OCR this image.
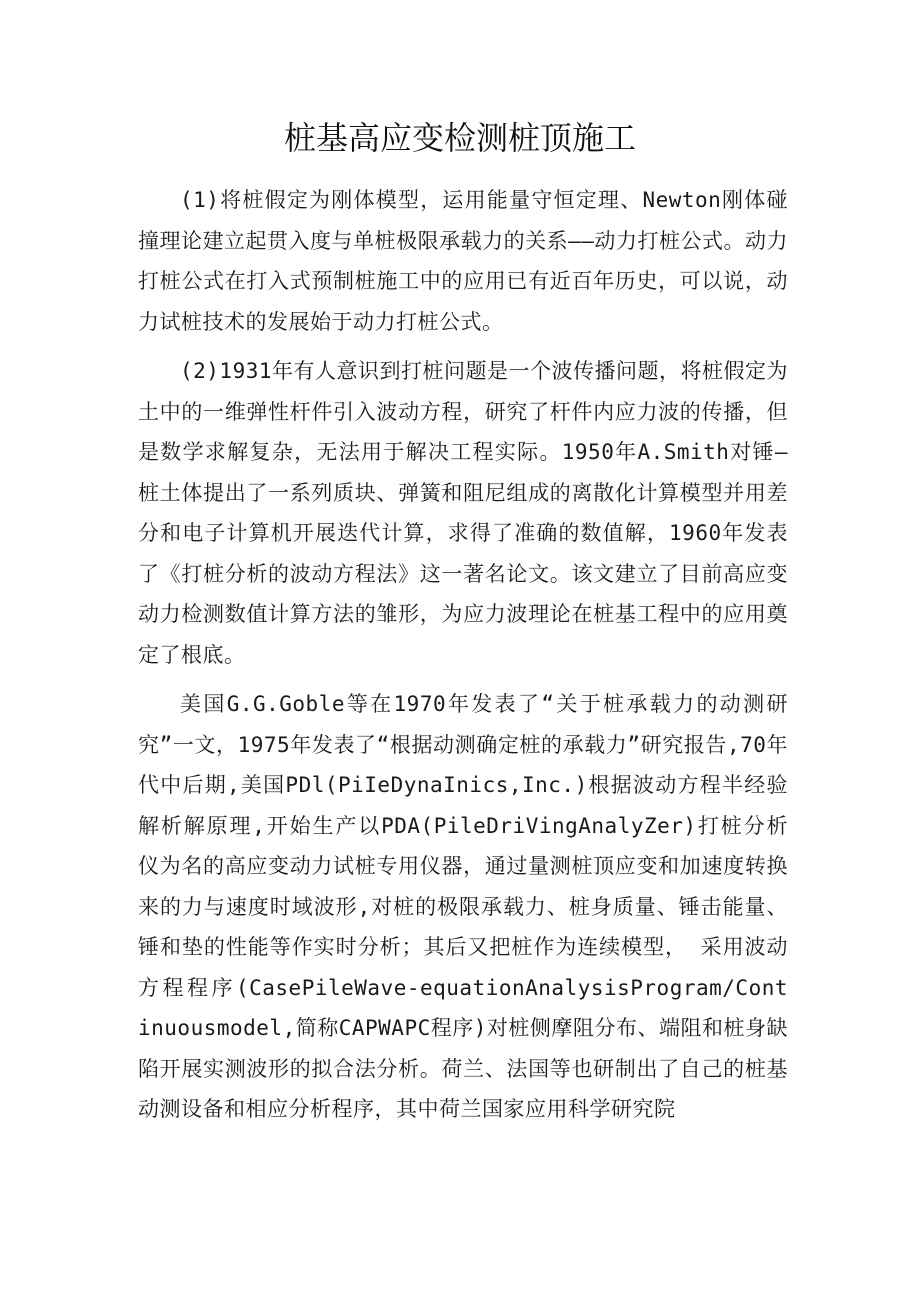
桩基高应变检测桩顶施工

(1)将桩假定为刚体模型，运用能量守恒定理、Newton刚体碰撞理论建立起贯入度与单桩极限承载力的关系——动力打桩公式。动力打桩公式在打入式预制桩施工中的应用已有近百年历史，可以说，动力试桩技术的发展始于动力打桩公式。

(2)1931年有人意识到打桩问题是一个波传播问题，将桩假定为土中的一维弹性杆件引入波动方程，研究了杆件内应力波的传播，但是数学求解复杂，无法用于解决工程实际。1950年A.Smith对锤—桩土体提出了一系列质块、弹簧和阻尼组成的离散化计算模型并用差分和电子计算机开展迭代计算，求得了准确的数值解，1960年发表了《打桩分析的波动方程法》这一著名论文。该文建立了目前高应变动力检测数值计算方法的雏形，为应力波理论在桩基工程中的应用奠定了根底。

美国G.G.Goble等在1970年发表了“关于桩承载力的动测研究”一文，1975年发表了“根据动测确定桩的承载力”研究报告,70年代中后期,美国PDl(PiIeDynaInics,Inc.)根据波动方程半经验解析解原理,开始生产以PDA(PileDriVingAnalyZer)打桩分析仪为名的高应变动力试桩专用仪器，通过量测桩顶应变和加速度转换来的力与速度时域波形,对桩的极限承载力、桩身质量、锤击能量、锤和垫的性能等作实时分析；其后又把桩作为连续模型， 采用波动方程程序(CasePileWave-equationAnalysisProgram/Continuousmodel,简称CAPWAPC程序)对桩侧摩阻分布、端阻和桩身缺陷开展实测波形的拟合法分析。荷兰、法国等也研制出了自己的桩基动测设备和相应分析程序，其中荷兰国家应用科学研究院
